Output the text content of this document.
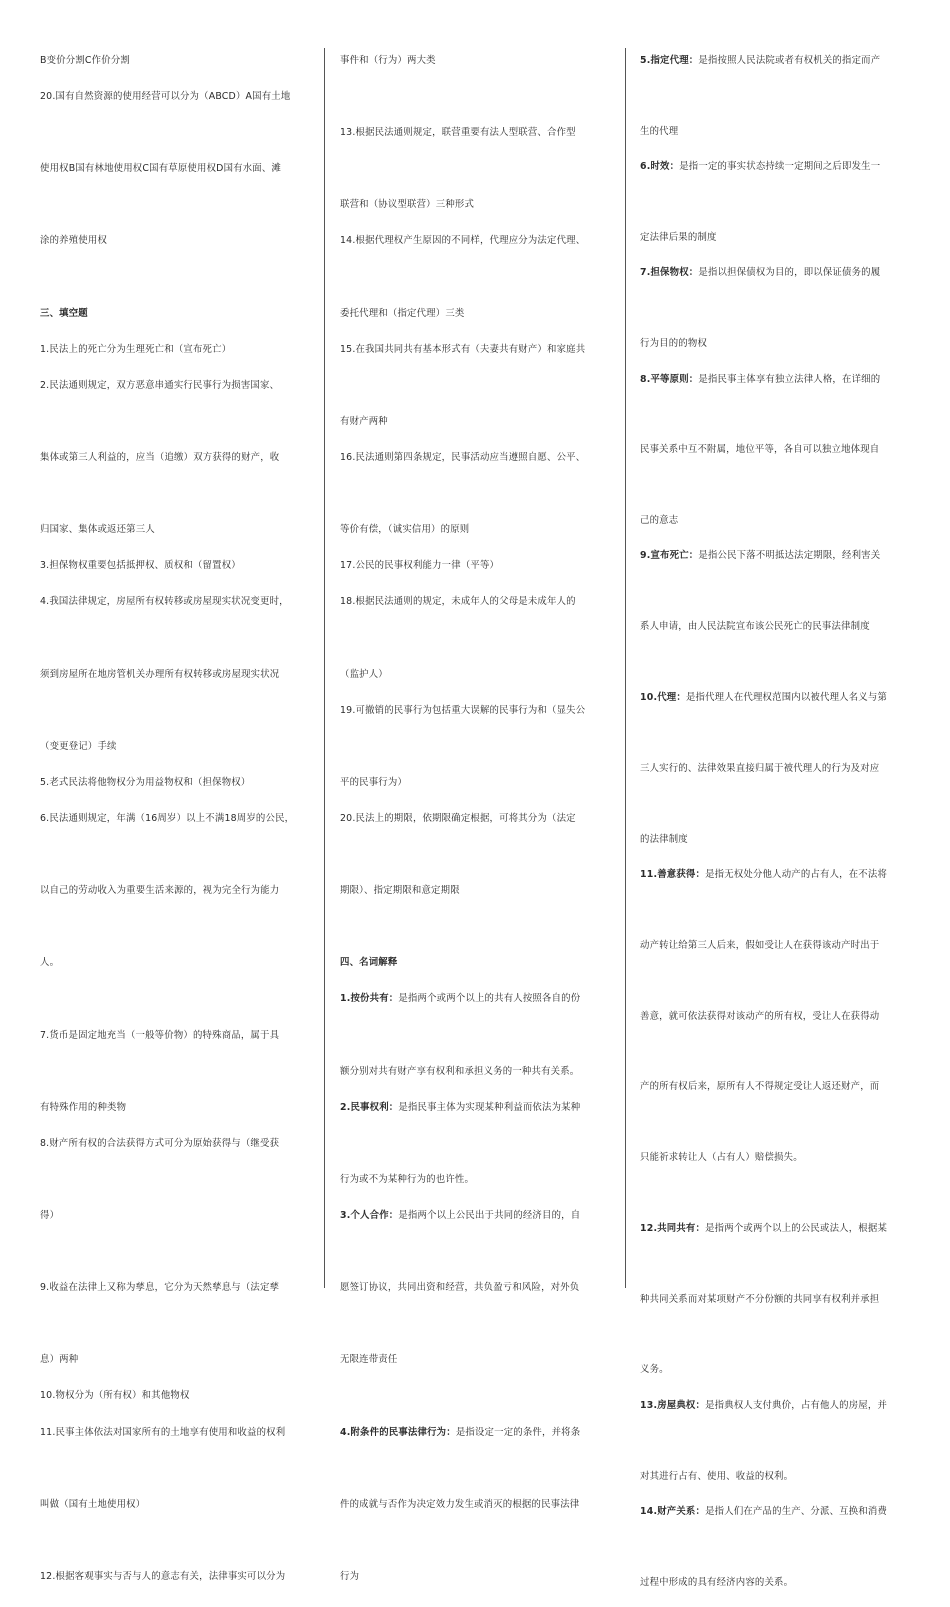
B变价分割C作价分割
20.国有自然资源的使用经营可以分为（ABCD）A国有土地
使用权B国有林地使用权C国有草原使用权D国有水面、滩
涂的养殖使用权
三、填空题
1.民法上的死亡分为生理死亡和（宣布死亡）
2.民法通则规定，双方恶意串通实行民事行为损害国家、
集体或第三人利益的，应当（追缴）双方获得的财产，收
归国家、集体或返还第三人
3.担保物权重要包括抵押权、质权和（留置权）
4.我国法律规定，房屋所有权转移或房屋现实状况变更时，
须到房屋所在地房管机关办理所有权转移或房屋现实状况
（变更登记）手续
5.老式民法将他物权分为用益物权和（担保物权）
6.民法通则规定，年满（16周岁）以上不满18周岁的公民，
以自己的劳动收入为重要生活来源的，视为完全行为能力
人。
7.货币是固定地充当（一般等价物）的特殊商品，属于具
有特殊作用的种类物
8.财产所有权的合法获得方式可分为原始获得与（继受获
得）
9.收益在法律上又称为孳息，它分为天然孳息与（法定孳
息）两种
10.物权分为（所有权）和其他物权
11.民事主体依法对国家所有的土地享有使用和收益的权利
叫做（国有土地使用权）
12.根据客观事实与否与人的意志有关，法律事实可以分为
事件和（行为）两大类
13.根据民法通则规定，联营重要有法人型联营、合作型
联营和（协议型联营）三种形式
14.根据代理权产生原因的不同样，代理应分为法定代理、
委托代理和（指定代理）三类
15.在我国共同共有基本形式有（夫妻共有财产）和家庭共
有财产两种
16.民法通则第四条规定，民事活动应当遵照自愿、公平、
等价有偿，（诚实信用）的原则
17.公民的民事权利能力一律（平等）
18.根据民法通则的规定，未成年人的父母是未成年人的
（监护人）
19.可撤销的民事行为包括重大误解的民事行为和（显失公
平的民事行为）
20.民法上的期限，依期限确定根据，可将其分为（法定
期限）、指定期限和意定期限
四、名词解释
1.按份共有：是指两个或两个以上的共有人按照各自的份
额分别对共有财产享有权利和承担义务的一种共有关系。
2.民事权利：是指民事主体为实现某种利益而依法为某种
行为或不为某种行为的也许性。
3.个人合作：是指两个以上公民出于共同的经济目的，自
愿签订协议，共同出资和经营，共负盈亏和风险，对外负
无限连带责任
4.附条件的民事法律行为：是指设定一定的条件，并将条
件的成就与否作为决定效力发生或消灭的根据的民事法律
行为
5.指定代理：是指按照人民法院或者有权机关的指定而产
生的代理
6.时效：是指一定的事实状态持续一定期间之后即发生一
定法律后果的制度
7.担保物权：是指以担保债权为目的，即以保证债务的履
行为目的的物权
8.平等原则：是指民事主体享有独立法律人格，在详细的
民事关系中互不附属，地位平等，各自可以独立地体现自
己的意志
9.宣布死亡：是指公民下落不明抵达法定期限，经利害关
系人申请，由人民法院宣布该公民死亡的民事法律制度
10.代理：是指代理人在代理权范围内以被代理人名义与第
三人实行的、法律效果直接归属于被代理人的行为及对应
的法律制度
11.善意获得：是指无权处分他人动产的占有人，在不法将
动产转让给第三人后来，假如受让人在获得该动产时出于
善意，就可依法获得对该动产的所有权，受让人在获得动
产的所有权后来，原所有人不得规定受让人返还财产，而
只能祈求转让人（占有人）赔偿损失。
12.共同共有：是指两个或两个以上的公民或法人，根据某
种共同关系而对某项财产不分份额的共同享有权利并承担
义务。
13.房屋典权：是指典权人支付典价，占有他人的房屋，并
对其进行占有、使用、收益的权利。
14.财产关系：是指人们在产品的生产、分派、互换和消费
过程中形成的具有经济内容的关系。
